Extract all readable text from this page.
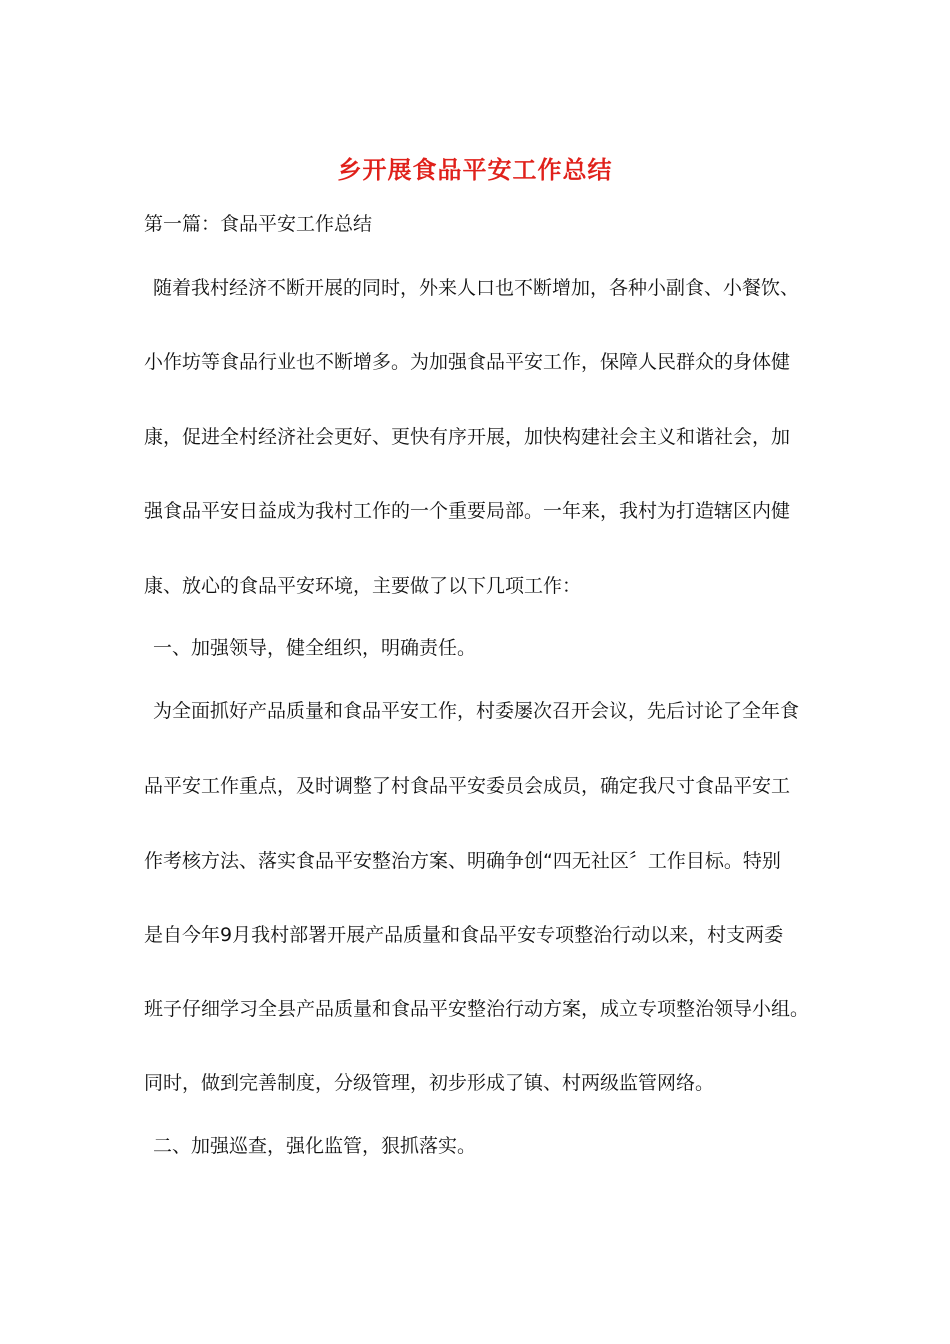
乡开展食品平安工作总结
第一篇：食品平安工作总结
随着我村经济不断开展的同时，外来人口也不断增加，各种小副食、小餐饮、
小作坊等食品行业也不断增多。为加强食品平安工作，保障人民群众的身体健
康，促进全村经济社会更好、更快有序开展，加快构建社会主义和谐社会，加
强食品平安日益成为我村工作的一个重要局部。一年来，我村为打造辖区内健
康、放心的食品平安环境，主要做了以下几项工作：
一、加强领导，健全组织，明确责任。
为全面抓好产品质量和食品平安工作，村委屡次召开会议，先后讨论了全年食
品平安工作重点，及时调整了村食品平安委员会成员，确定我尺寸食品平安工
作考核方法、落实食品平安整治方案、明确争创“四无社区〞工作目标。特别
是自今年9月我村部署开展产品质量和食品平安专项整治行动以来，村支两委
班子仔细学习全县产品质量和食品平安整治行动方案，成立专项整治领导小组。
同时，做到完善制度，分级管理，初步形成了镇、村两级监管网络。
二、加强巡查，强化监管，狠抓落实。
